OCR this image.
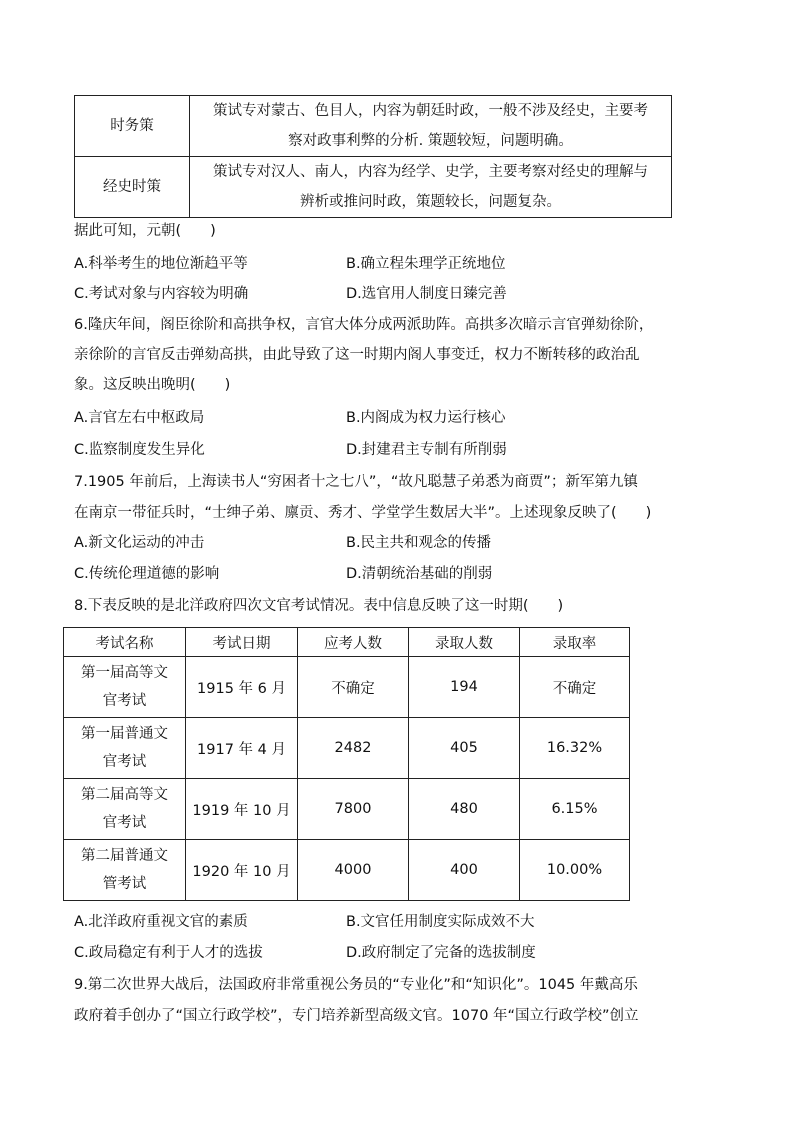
时务策	策试专对蒙古、色目人，内容为朝廷时政，一般不涉及经史，主要考
察对政事利弊的分析. 策题较短，问题明确。

经史时策	策试专对汉人、南人，内容为经学、史学，主要考察对经史的理解与
辨析或推问时政，策题较长，问题复杂。
据此可知，元朝(　　)
A.科举考生的地位渐趋平等	B.确立程朱理学正统地位
C.考试对象与内容较为明确	D.选官用人制度日臻完善
6.隆庆年间，阁臣徐阶和高拱争权，言官大体分成两派助阵。高拱多次暗示言官弹劾徐阶，
亲徐阶的言官反击弹劾高拱，由此导致了这一时期内阁人事变迁，权力不断转移的政治乱
象。这反映出晚明(　　)
A.言官左右中枢政局	B.内阁成为权力运行核心
C.监察制度发生异化	D.封建君主专制有所削弱
7.1905 年前后，上海读书人“穷困者十之七八”，“故凡聪慧子弟悉为商贾”；新军第九镇
在南京一带征兵时，“士绅子弟、廪贡、秀才、学堂学生数居大半”。上述现象反映了(　　)
A.新文化运动的冲击	B.民主共和观念的传播
C.传统伦理道德的影响	D.清朝统治基础的削弱
8.下表反映的是北洋政府四次文官考试情况。表中信息反映了这一时期(　　)
考试名称	考试日期	应考人数	录取人数	录取率

第一届高等文
官考试	1915 年 6 月	不确定	194	不确定

第一届普通文
官考试	1917 年 4 月	2482	405	16.32%

第二届高等文
官考试	1919 年 10 月	7800	480	6.15%

第二届普通文
管考试	1920 年 10 月	4000	400	10.00%
A.北洋政府重视文官的素质	B.文官任用制度实际成效不大
C.政局稳定有利于人才的选拔	D.政府制定了完备的选拔制度
9.第二次世界大战后，法国政府非常重视公务员的“专业化”和“知识化”。1045 年戴高乐
政府着手创办了“国立行政学校”，专门培养新型高级文官。1070 年“国立行政学校”创立
